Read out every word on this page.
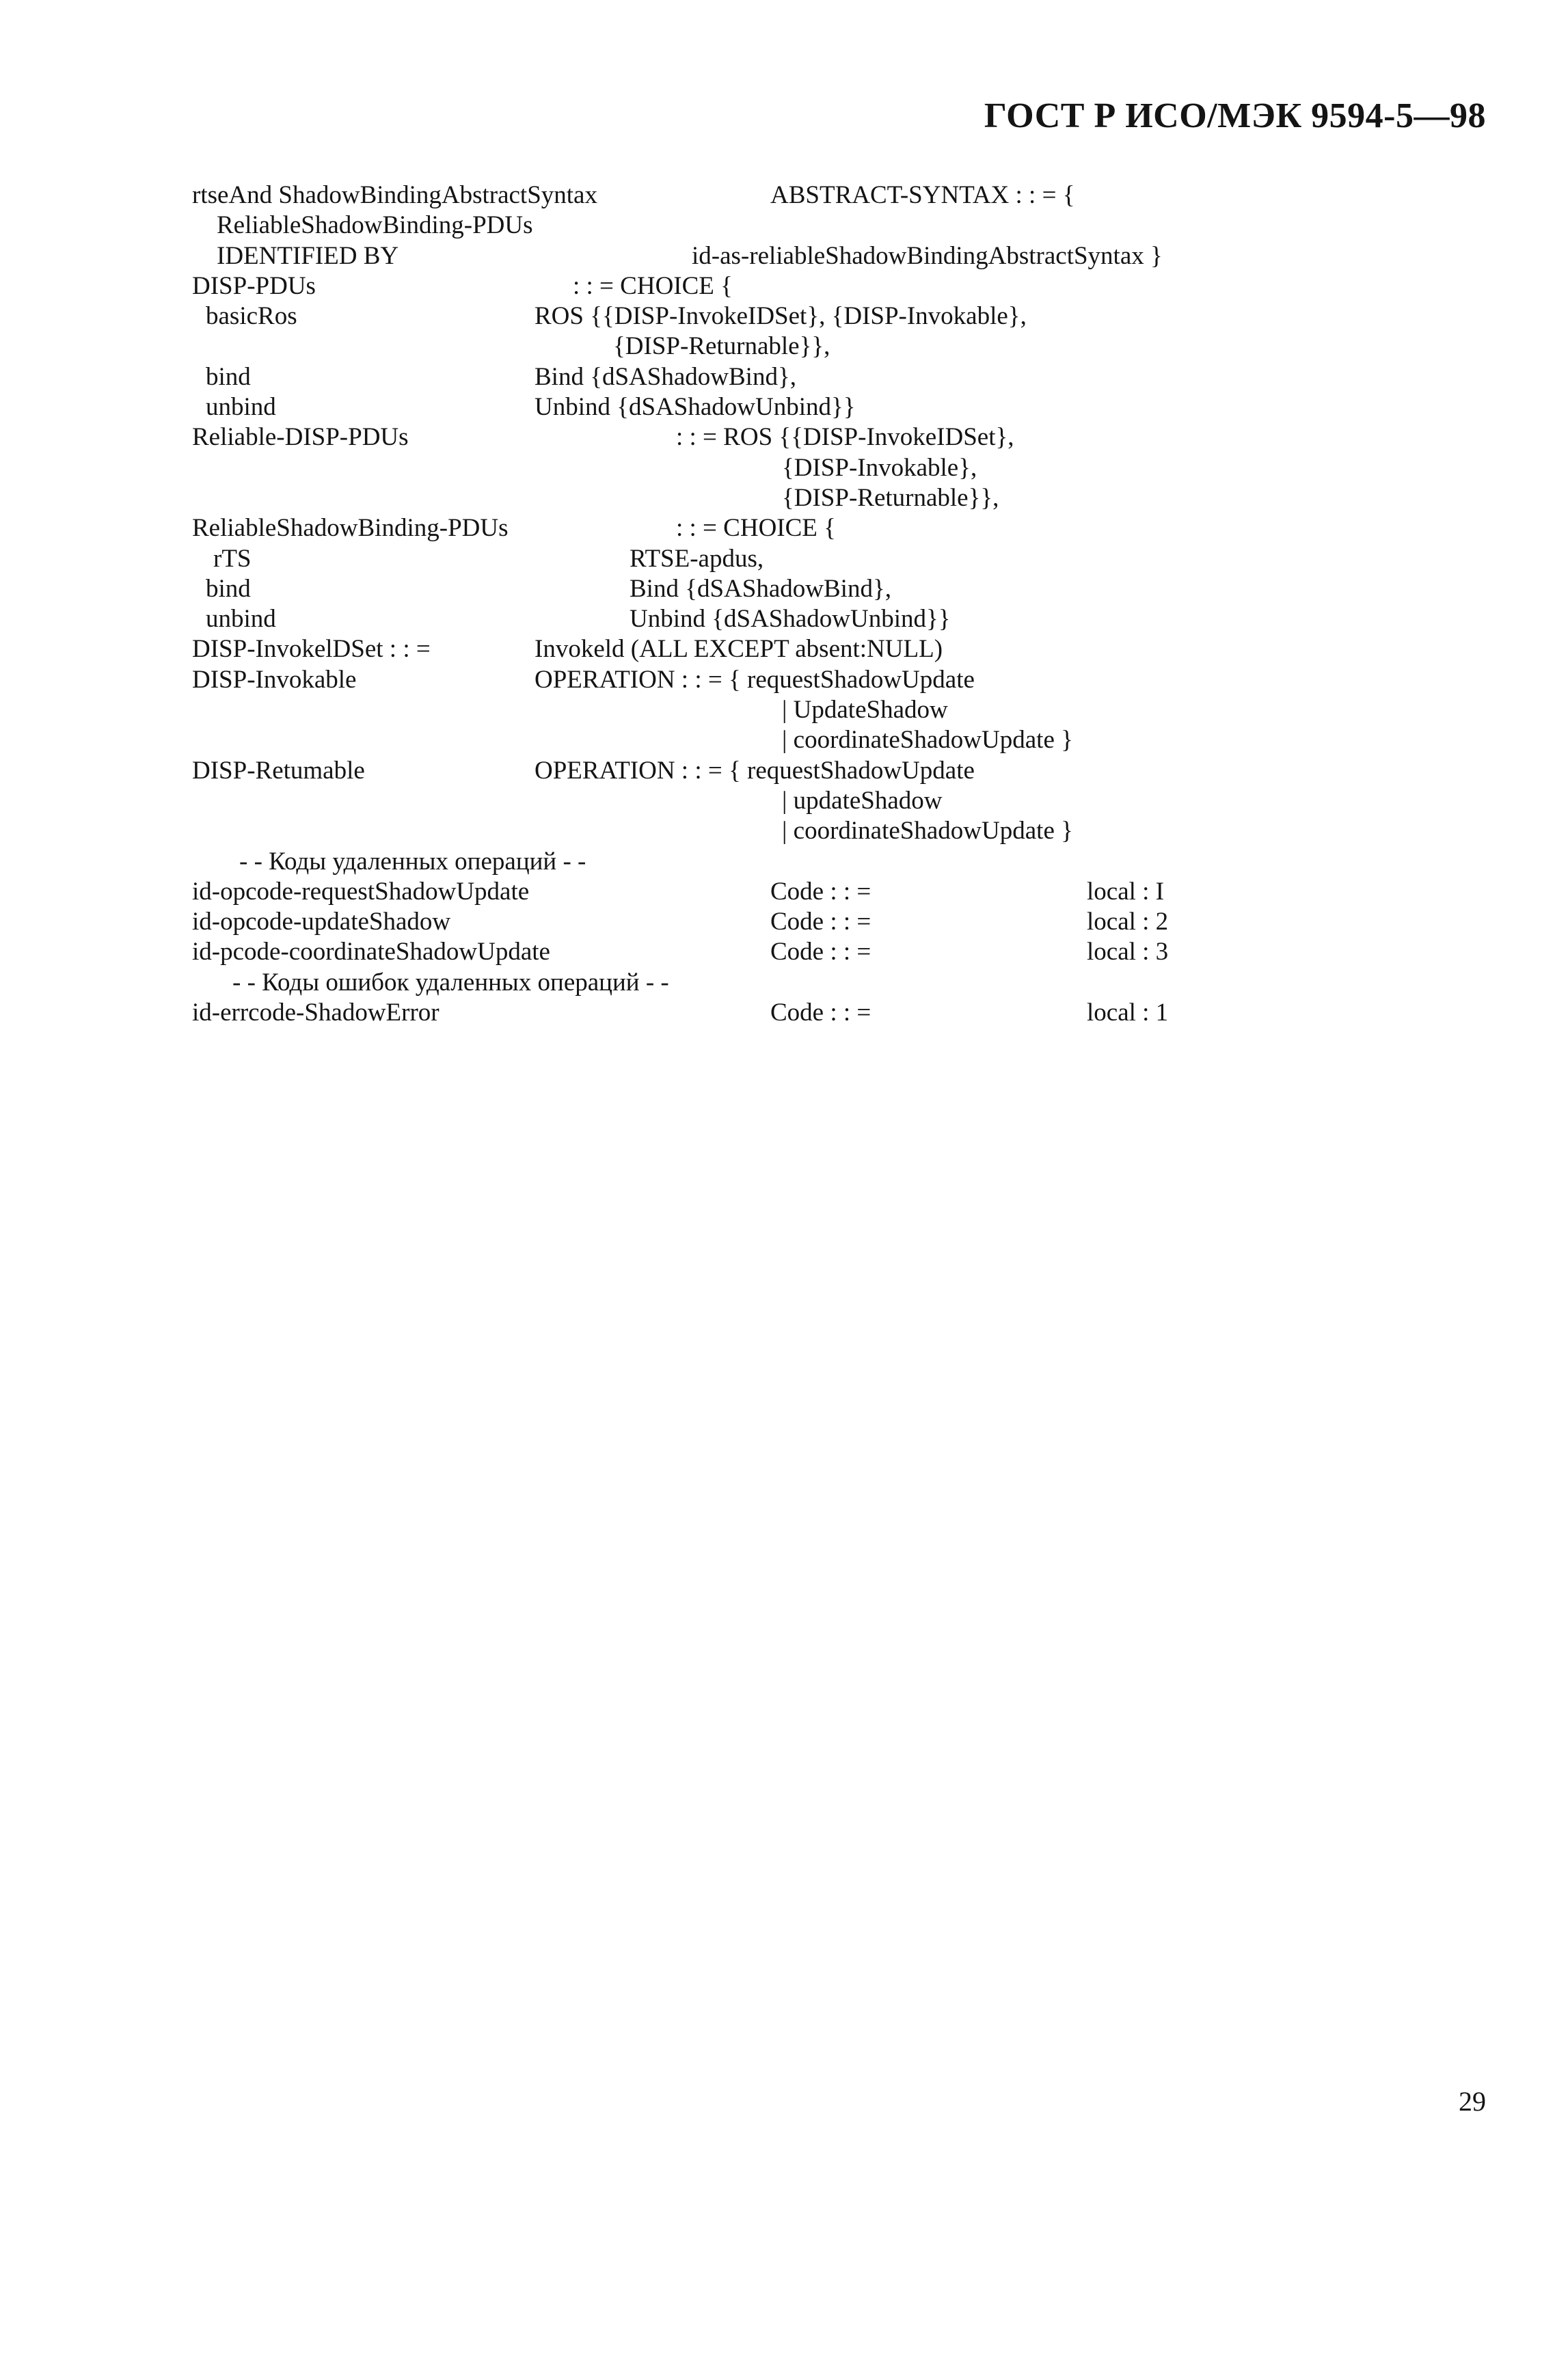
ГОСТ Р ИСО/МЭК 9594-5—98
rtseAnd ShadowBindingAbstractSyntax	ABSTRACT-SYNTAX : : = {
ReliableShadowBinding-PDUs
IDENTIFIED BY	id-as-reliableShadowBindingAbstractSyntax }
DISP-PDUs	: : = CHOICE {
basicRos	ROS {{DISP-InvokeIDSet}, {DISP-Invokable},
{DISP-Returnable}},
bind	Bind {dSAShadowBind},
unbind	Unbind {dSAShadowUnbind}}
Reliable-DISP-PDUs	: : = ROS {{DISP-InvokeIDSet},
{DISP-Invokable},
{DISP-Returnable}},
ReliableShadowBinding-PDUs	: : = CHOICE {
rTS	RTSE-apdus,
bind	Bind {dSAShadowBind},
unbind	Unbind {dSAShadowUnbind}}
DISP-InvokelDSet : : =	Invokeld (ALL EXCEPT absent:NULL)
DISP-Invokable	OPERATION : : = { requestShadowUpdate
| UpdateShadow
| coordinateShadowUpdate }
DISP-Retumable	OPERATION : : = { requestShadowUpdate
| updateShadow
| coordinateShadowUpdate }
- - Коды удаленных операций - -
id-opcode-requestShadowUpdate	Code : : =	local : I
id-opcode-updateShadow	Code : : =	local : 2
id-pcode-coordinateShadowUpdate	Code : : =	local : 3
- - Коды ошибок удаленных операций - -
id-errcode-ShadowError	Code : : =	local : 1
29
